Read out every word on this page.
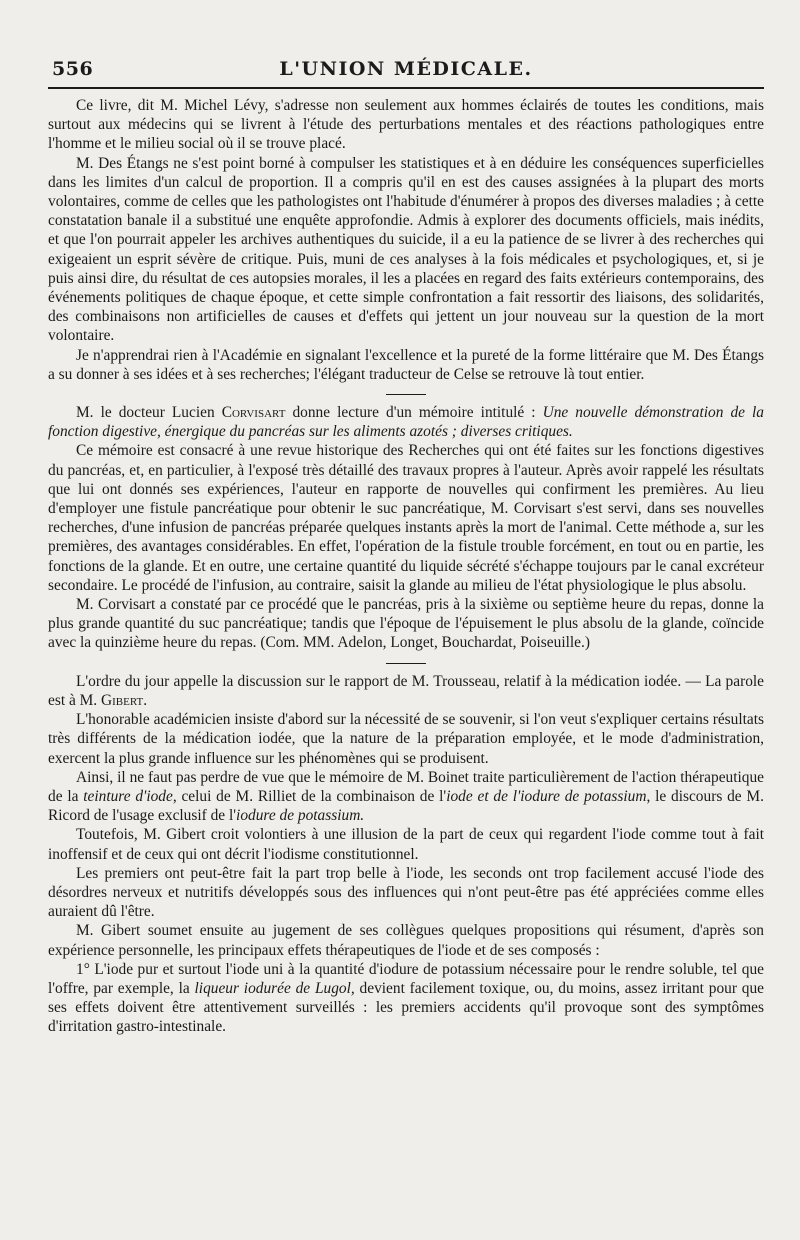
556	L'UNION MÉDICALE.

Ce livre, dit M. Michel Lévy, s'adresse non seulement aux hommes éclairés de toutes les conditions, mais surtout aux médecins qui se livrent à l'étude des perturbations mentales et des réactions pathologiques entre l'homme et le milieu social où il se trouve placé.

M. Des Étangs ne s'est point borné à compulser les statistiques et à en déduire les conséquences superficielles dans les limites d'un calcul de proportion. Il a compris qu'il en est des causes assignées à la plupart des morts volontaires, comme de celles que les pathologistes ont l'habitude d'énumérer à propos des diverses maladies ; à cette constatation banale il a substitué une enquête approfondie. Admis à explorer des documents officiels, mais inédits, et que l'on pourrait appeler les archives authentiques du suicide, il a eu la patience de se livrer à des recherches qui exigeaient un esprit sévère de critique. Puis, muni de ces analyses à la fois médicales et psychologiques, et, si je puis ainsi dire, du résultat de ces autopsies morales, il les a placées en regard des faits extérieurs contemporains, des événements politiques de chaque époque, et cette simple confrontation a fait ressortir des liaisons, des solidarités, des combinaisons non artificielles de causes et d'effets qui jettent un jour nouveau sur la question de la mort volontaire.

Je n'apprendrai rien à l'Académie en signalant l'excellence et la pureté de la forme littéraire que M. Des Étangs a su donner à ses idées et à ses recherches; l'élégant traducteur de Celse se retrouve là tout entier.

M. le docteur Lucien Corvisart donne lecture d'un mémoire intitulé : Une nouvelle démonstration de la fonction digestive, énergique du pancréas sur les aliments azotés ; diverses critiques.

Ce mémoire est consacré à une revue historique des Recherches qui ont été faites sur les fonctions digestives du pancréas, et, en particulier, à l'exposé très détaillé des travaux propres à l'auteur. Après avoir rappelé les résultats que lui ont donnés ses expériences, l'auteur en rapporte de nouvelles qui confirment les premières. Au lieu d'employer une fistule pancréatique pour obtenir le suc pancréatique, M. Corvisart s'est servi, dans ses nouvelles recherches, d'une infusion de pancréas préparée quelques instants après la mort de l'animal. Cette méthode a, sur les premières, des avantages considérables. En effet, l'opération de la fistule trouble forcément, en tout ou en partie, les fonctions de la glande. Et en outre, une certaine quantité du liquide sécrété s'échappe toujours par le canal excréteur secondaire. Le procédé de l'infusion, au contraire, saisit la glande au milieu de l'état physiologique le plus absolu.

M. Corvisart a constaté par ce procédé que le pancréas, pris à la sixième ou septième heure du repas, donne la plus grande quantité du suc pancréatique; tandis que l'époque de l'épuisement le plus absolu de la glande, coïncide avec la quinzième heure du repas. (Com. MM. Adelon, Longet, Bouchardat, Poiseuille.)

L'ordre du jour appelle la discussion sur le rapport de M. Trousseau, relatif à la médication iodée. — La parole est à M. Gibert.

L'honorable académicien insiste d'abord sur la nécessité de se souvenir, si l'on veut s'expliquer certains résultats très différents de la médication iodée, que la nature de la préparation employée, et le mode d'administration, exercent la plus grande influence sur les phénomènes qui se produisent.

Ainsi, il ne faut pas perdre de vue que le mémoire de M. Boinet traite particulièrement de l'action thérapeutique de la teinture d'iode, celui de M. Rilliet de la combinaison de l'iode et de l'iodure de potassium, le discours de M. Ricord de l'usage exclusif de l'iodure de potassium.

Toutefois, M. Gibert croit volontiers à une illusion de la part de ceux qui regardent l'iode comme tout à fait inoffensif et de ceux qui ont décrit l'iodisme constitutionnel.

Les premiers ont peut-être fait la part trop belle à l'iode, les seconds ont trop facilement accusé l'iode des désordres nerveux et nutritifs développés sous des influences qui n'ont peut-être pas été appréciées comme elles auraient dû l'être.

M. Gibert soumet ensuite au jugement de ses collègues quelques propositions qui résument, d'après son expérience personnelle, les principaux effets thérapeutiques de l'iode et de ses composés :

1° L'iode pur et surtout l'iode uni à la quantité d'iodure de potassium nécessaire pour le rendre soluble, tel que l'offre, par exemple, la liqueur iodurée de Lugol, devient facilement toxique, ou, du moins, assez irritant pour que ses effets doivent être attentivement surveillés : les premiers accidents qu'il provoque sont des symptômes d'irritation gastro-intestinale.
